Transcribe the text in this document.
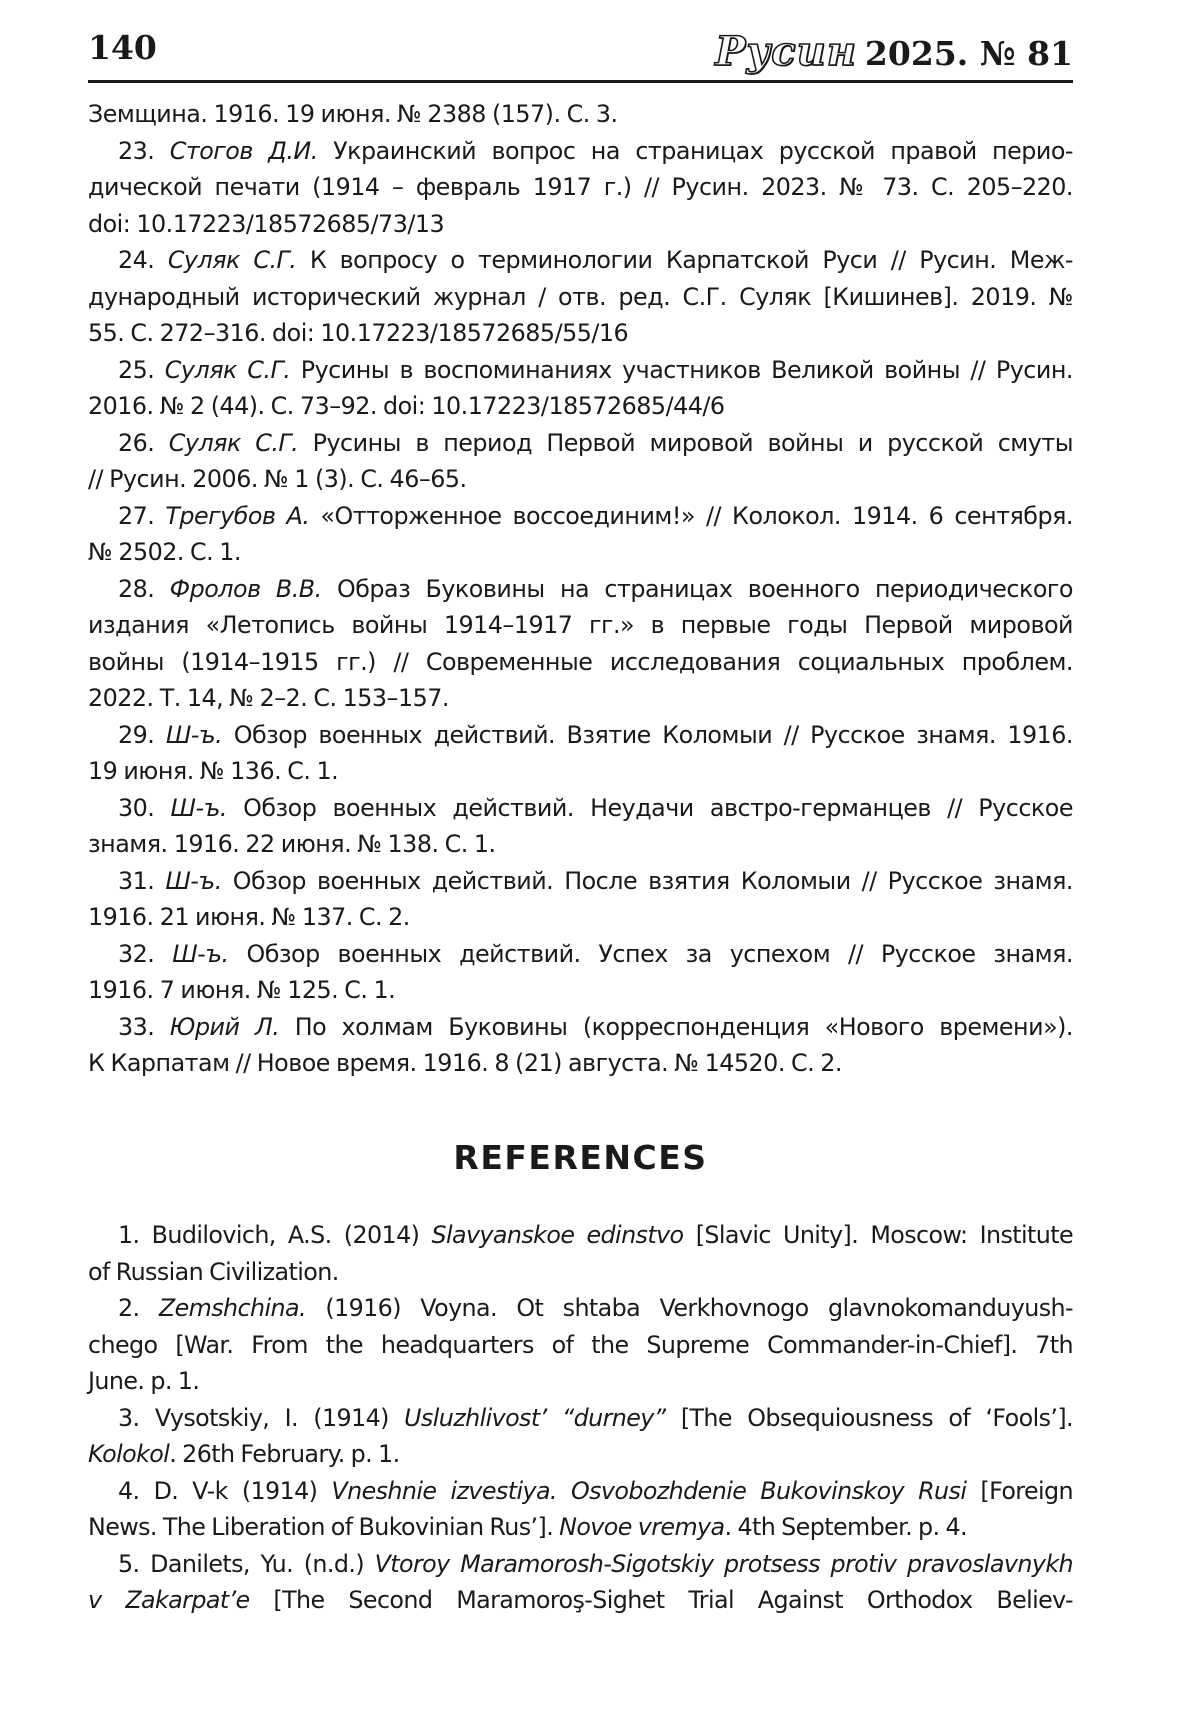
140	Русин 2025. № 81
Земщина. 1916. 19 июня. № 2388 (157). С. 3.
23. Стогов Д.И. Украинский вопрос на страницах русской правой перио-
дической печати (1914 – февраль 1917 г.) // Русин. 2023. № 73. С. 205–220.
doi: 10.17223/18572685/73/13
24. Суляк С.Г. К вопросу о терминологии Карпатской Руси // Русин. Меж-
дународный исторический журнал / отв. ред. С.Г. Суляк [Кишинев]. 2019. №
55. С. 272–316. doi: 10.17223/18572685/55/16
25. Суляк С.Г. Русины в воспоминаниях участников Великой войны // Русин.
2016. № 2 (44). С. 73–92. doi: 10.17223/18572685/44/6
26. Суляк С.Г. Русины в период Первой мировой войны и русской смуты
// Русин. 2006. № 1 (3). С. 46–65.
27. Трегубов А. «Отторженное воссоединим!» // Колокол. 1914. 6 сентября.
№ 2502. С. 1.
28. Фролов В.В. Образ Буковины на страницах военного периодического
издания «Летопись войны 1914–1917 гг.» в первые годы Первой мировой
войны (1914–1915 гг.) // Современные исследования социальных проблем.
2022. Т. 14, № 2–2. С. 153–157.
29. Ш-ъ. Обзор военных действий. Взятие Коломыи // Русское знамя. 1916.
19 июня. № 136. С. 1.
30. Ш-ъ. Обзор военных действий. Неудачи австро-германцев // Русское
знамя. 1916. 22 июня. № 138. С. 1.
31. Ш-ъ. Обзор военных действий. После взятия Коломыи // Русское знамя.
1916. 21 июня. № 137. С. 2.
32. Ш-ъ. Обзор военных действий. Успех за успехом // Русское знамя.
1916. 7 июня. № 125. С. 1.
33. Юрий Л. По холмам Буковины (корреспонденция «Нового времени»).
К Карпатам // Новое время. 1916. 8 (21) августа. № 14520. С. 2.
REFERENCES
1. Budilovich, A.S. (2014) Slavyanskoe edinstvo [Slavic Unity]. Moscow: Institute
of Russian Civilization.
2. Zemshchina. (1916) Voyna. Ot shtaba Verkhovnogo glavnokomanduyush-
chego [War. From the headquarters of the Supreme Commander-in-Chief]. 7th
June. p. 1.
3. Vysotskiy, I. (1914) Usluzhlivost’ “durney” [The Obsequiousness of ‘Fools’].
Kolokol. 26th February. p. 1.
4. D. V-k (1914) Vneshnie izvestiya. Osvobozhdenie Bukovinskoy Rusi [Foreign
News. The Liberation of Bukovinian Rus’]. Novoe vremya. 4th September. p. 4.
5. Danilets, Yu. (n.d.) Vtoroy Maramorosh-Sigotskiy protsess protiv pravoslavnykh
v Zakarpat’e [The Second Maramoroş-Sighet Trial Against Orthodox Believ-
